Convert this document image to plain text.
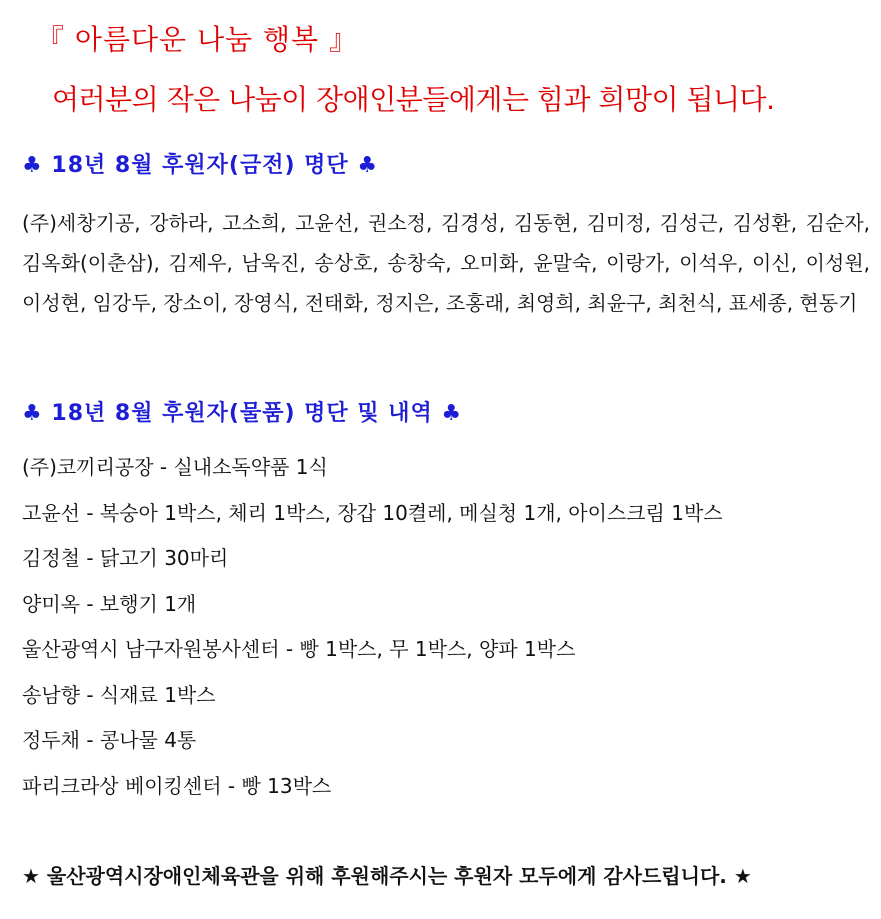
『 아름다운 나눔 행복 』
여러분의 작은 나눔이 장애인분들에게는 힘과 희망이 됩니다.
♣ 18년 8월 후원자(금전) 명단 ♣
(주)세창기공, 강하라, 고소희, 고윤선, 권소정, 김경성, 김동현, 김미정, 김성근, 김성환, 김순자, 김옥화(이춘삼), 김제우, 남욱진, 송상호, 송창숙, 오미화, 윤말숙, 이랑가, 이석우, 이신, 이성원, 이성현, 임강두, 장소이, 장영식, 전태화, 정지은, 조홍래, 최영희, 최윤구, 최천식, 표세종, 현동기
♣ 18년 8월 후원자(물품) 명단 및 내역 ♣
(주)코끼리공장 - 실내소독약품 1식
고윤선 - 복숭아 1박스, 체리 1박스, 장갑 10켤레, 메실청 1개, 아이스크림 1박스
김정철 - 닭고기 30마리
양미옥 - 보행기 1개
울산광역시 남구자원봉사센터 - 빵 1박스, 무 1박스, 양파 1박스
송남향 - 식재료 1박스
정두채 - 콩나물 4통
파리크라상 베이킹센터 - 빵 13박스
★ 울산광역시장애인체육관을 위해 후원해주시는 후원자 모두에게 감사드립니다. ★
